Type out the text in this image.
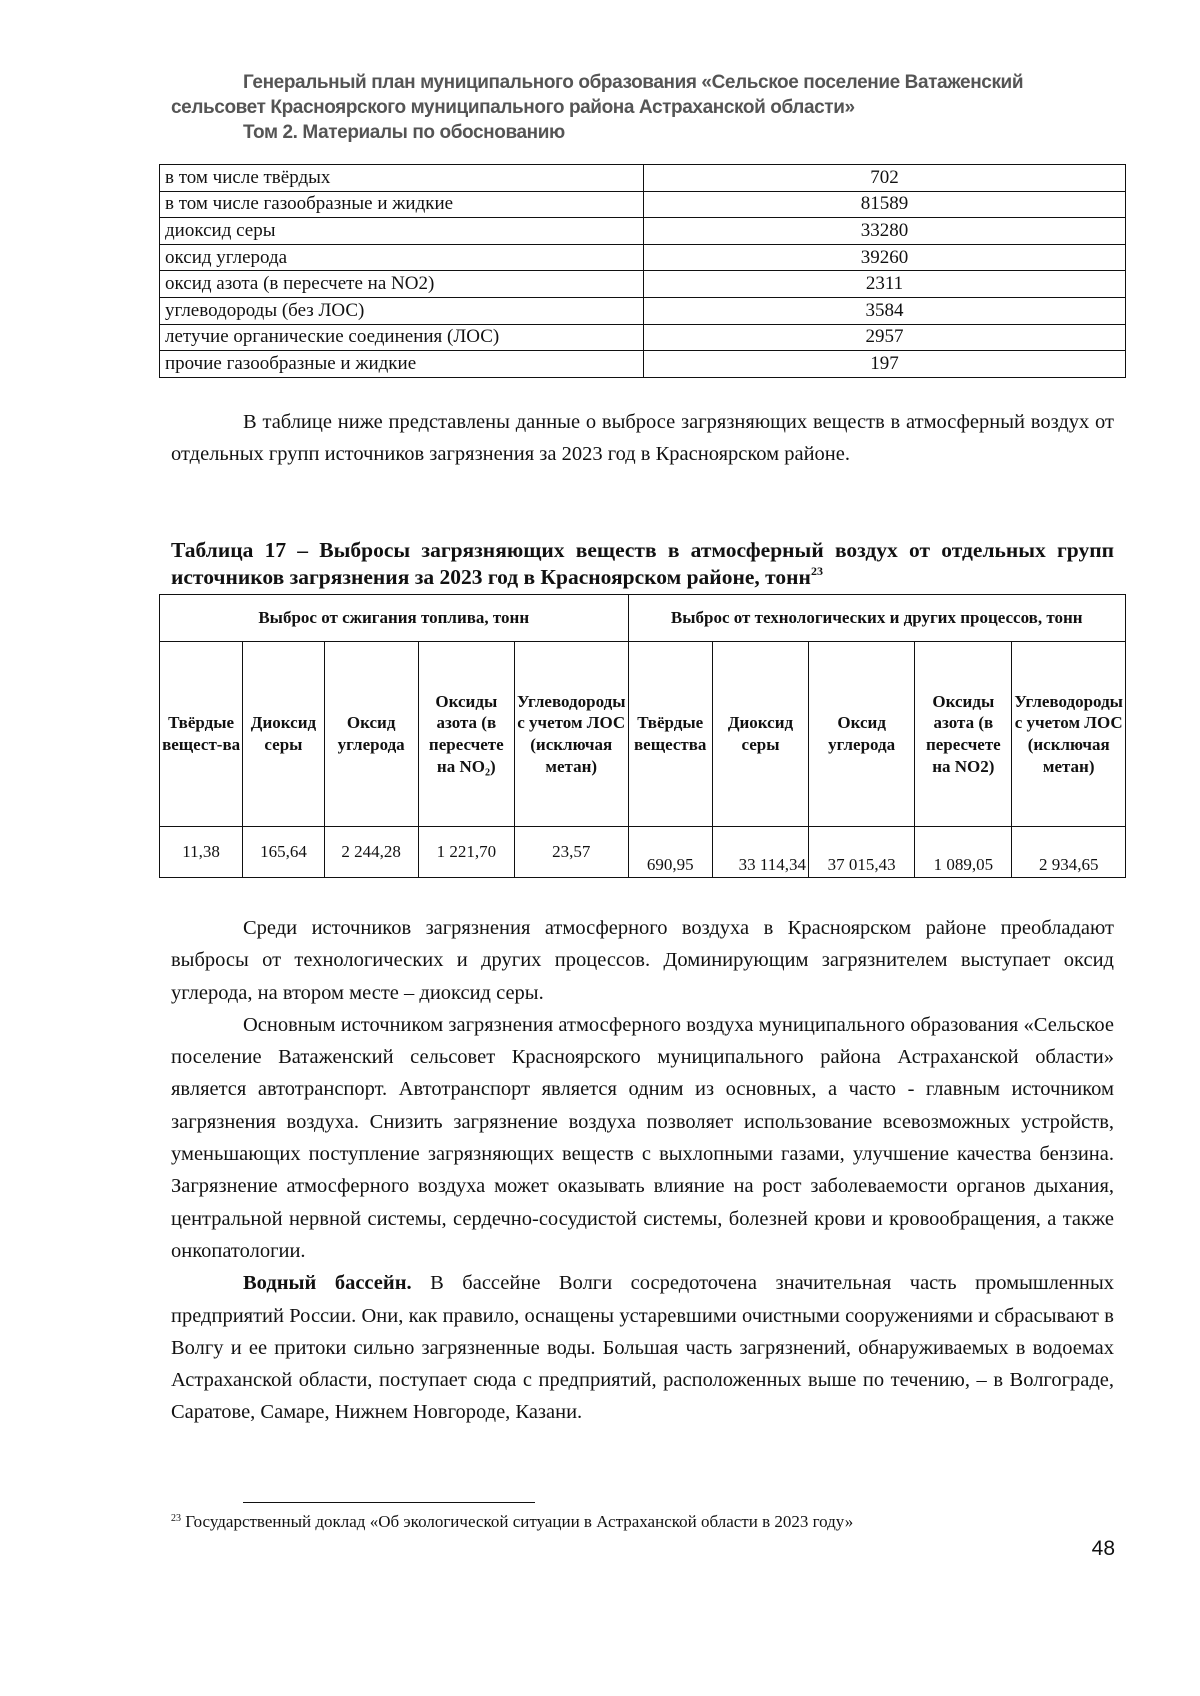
Генеральный план муниципального образования «Сельское поселение Ватаженский
сельсовет Красноярского муниципального района Астраханской области»
Том 2. Материалы по обоснованию
в том числе твёрдых	702
в том числе газообразные и жидкие	81589
диоксид серы	33280
оксид углерода	39260
оксид азота (в пересчете на NO2)	2311
углеводороды (без ЛОС)	3584
летучие органические соединения (ЛОС)	2957
прочие газообразные и жидкие	197

В таблице ниже представлены данные о выбросе загрязняющих веществ в атмосферный воздух от отдельных групп источников загрязнения за 2023 год в Красноярском районе.

Таблица 17 – Выбросы загрязняющих веществ в атмосферный воздух от отдельных групп источников загрязнения за 2023 год в Красноярском районе, тонн$^{23}$
Выброс от сжигания топлива, тонн					Выброс от технологических и других процессов, тонн				
Твёрдые вещест-ва	Диоксид серы	Оксид углерода	Оксиды азота (в пересчете на NO₂)	Углеводороды с учетом ЛОС (исключая метан)	Твёрдые вещества	Диоксид серы	Оксид углерода	Оксиды азота (в пересчете на NO2)	Углеводороды с учетом ЛОС (исключая метан)
11,38	165,64	2 244,28	1 221,70	23,57	690,95	33 114,34	37 015,43	1 089,05	2 934,65

Среди источников загрязнения атмосферного воздуха в Красноярском районе преобладают выбросы от технологических и других процессов. Доминирующим загрязнителем выступает оксид углерода, на втором месте – диоксид серы.

Основным источником загрязнения атмосферного воздуха муниципального образования «Сельское поселение Ватаженский сельсовет Красноярского муниципального района Астраханской области» является автотранспорт. Автотранспорт является одним из основных, а часто - главным источником загрязнения воздуха. Снизить загрязнение воздуха позволяет использование всевозможных устройств, уменьшающих поступление загрязняющих веществ с выхлопными газами, улучшение качества бензина. Загрязнение атмосферного воздуха может оказывать влияние на рост заболеваемости органов дыхания, центральной нервной системы, сердечно-сосудистой системы, болезней крови и кровообращения, а также онкопатологии.

Водный бассейн. В бассейне Волги сосредоточена значительная часть промышленных предприятий России. Они, как правило, оснащены устаревшими очистными сооружениями и сбрасывают в Волгу и ее притоки сильно загрязненные воды. Большая часть загрязнений, обнаруживаемых в водоемах Астраханской области, поступает сюда с предприятий, расположенных выше по течению, – в Волгограде, Саратове, Самаре, Нижнем Новгороде, Казани.

$^{23}$ Государственный доклад «Об экологической ситуации в Астраханской области в 2023 году»
48
